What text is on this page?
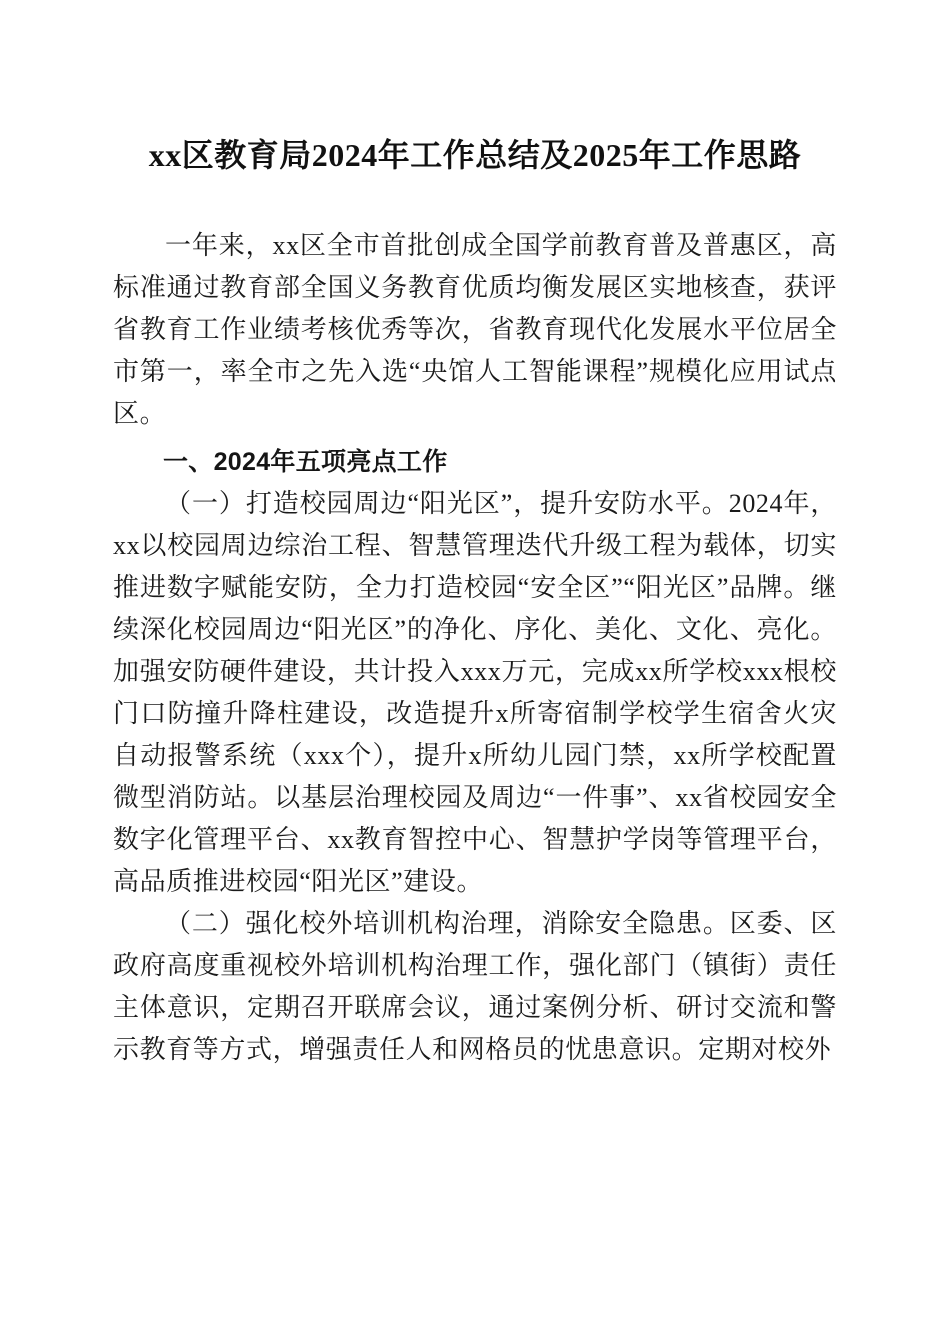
xx区教育局2024年工作总结及2025年工作思路

一年来，xx区全市首批创成全国学前教育普及普惠区，高标准通过教育部全国义务教育优质均衡发展区实地核查，获评省教育工作业绩考核优秀等次，省教育现代化发展水平位居全市第一，率全市之先入选“央馆人工智能课程”规模化应用试点区。

一、2024年五项亮点工作

（一）打造校园周边“阳光区”，提升安防水平。2024年，xx以校园周边综治工程、智慧管理迭代升级工程为载体，切实推进数字赋能安防，全力打造校园“安全区”“阳光区”品牌。继续深化校园周边“阳光区”的净化、序化、美化、文化、亮化。加强安防硬件建设，共计投入xxx万元，完成xx所学校xxx根校门口防撞升降柱建设，改造提升x所寄宿制学校学生宿舍火灾自动报警系统（xxx个），提升x所幼儿园门禁，xx所学校配置微型消防站。以基层治理校园及周边“一件事”、xx省校园安全数字化管理平台、xx教育智控中心、智慧护学岗等管理平台，高品质推进校园“阳光区”建设。

（二）强化校外培训机构治理，消除安全隐患。区委、区政府高度重视校外培训机构治理工作，强化部门（镇街）责任主体意识，定期召开联席会议，通过案例分析、研讨交流和警示教育等方式，增强责任人和网格员的忧患意识。定期对校外
